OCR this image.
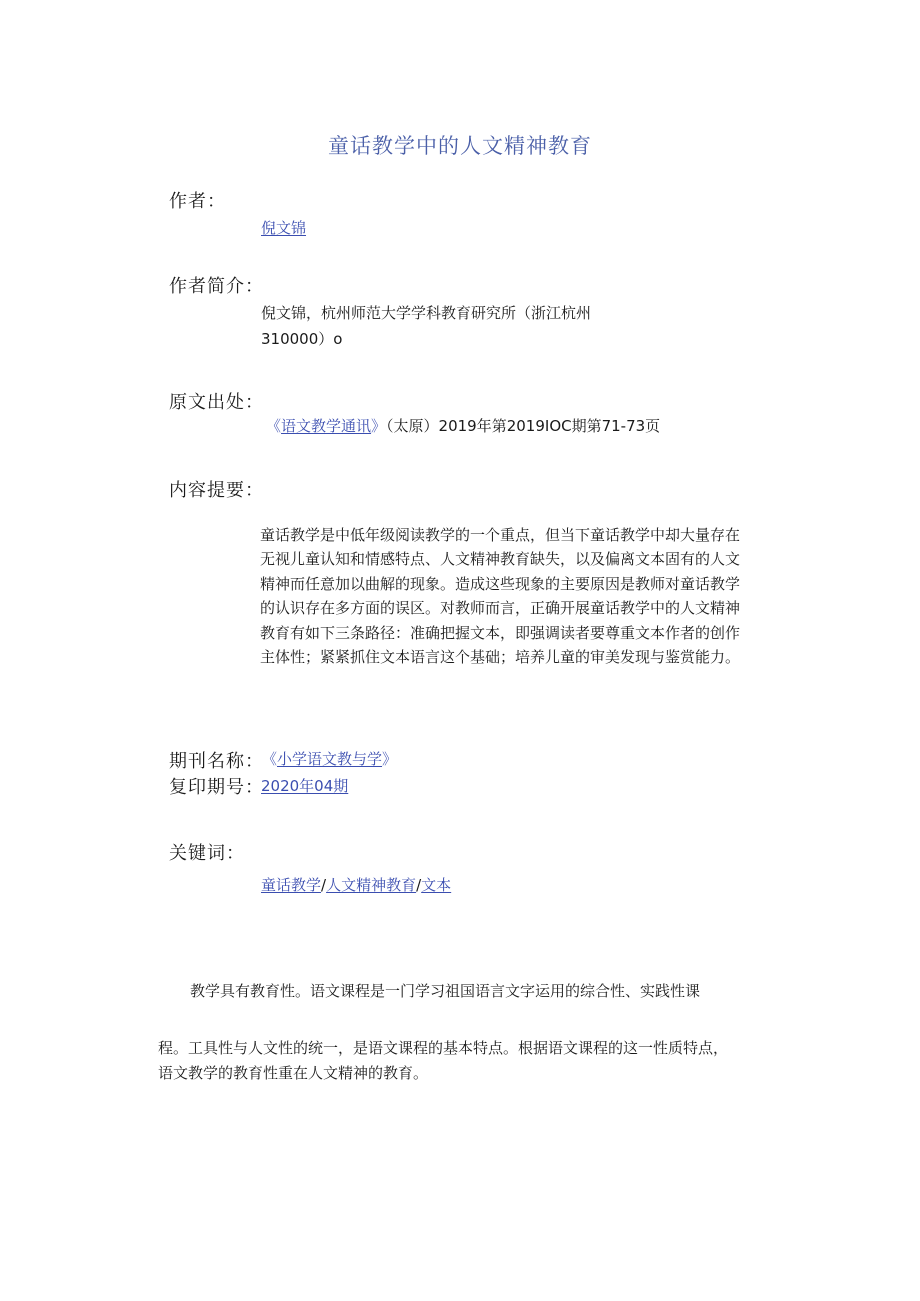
童话教学中的人文精神教育
作者：
倪文锦
作者简介：
倪文锦，杭州师范大学学科教育研究所（浙江杭州
310000）o
原文出处：
《语文教学通讯》（太原）2019年第2019IOC期第71-73页
内容提要：
童话教学是中低年级阅读教学的一个重点，但当下童话教学中却大量存在
无视儿童认知和情感特点、人文精神教育缺失，以及偏离文本固有的人文
精神而任意加以曲解的现象。造成这些现象的主要原因是教师对童话教学
的认识存在多方面的误区。对教师而言，正确开展童话教学中的人文精神
教育有如下三条路径：准确把握文本，即强调读者要尊重文本作者的创作
主体性；紧紧抓住文本语言这个基础；培养儿童的审美发现与鉴赏能力。
期刊名称：
《小学语文教与学》
复印期号：
2020年04期
关键词：
童话教学/人文精神教育/文本
教学具有教育性。语文课程是一门学习祖国语言文字运用的综合性、实践性课
程。工具性与人文性的统一，是语文课程的基本特点。根据语文课程的这一性质特点，
语文教学的教育性重在人文精神的教育。
